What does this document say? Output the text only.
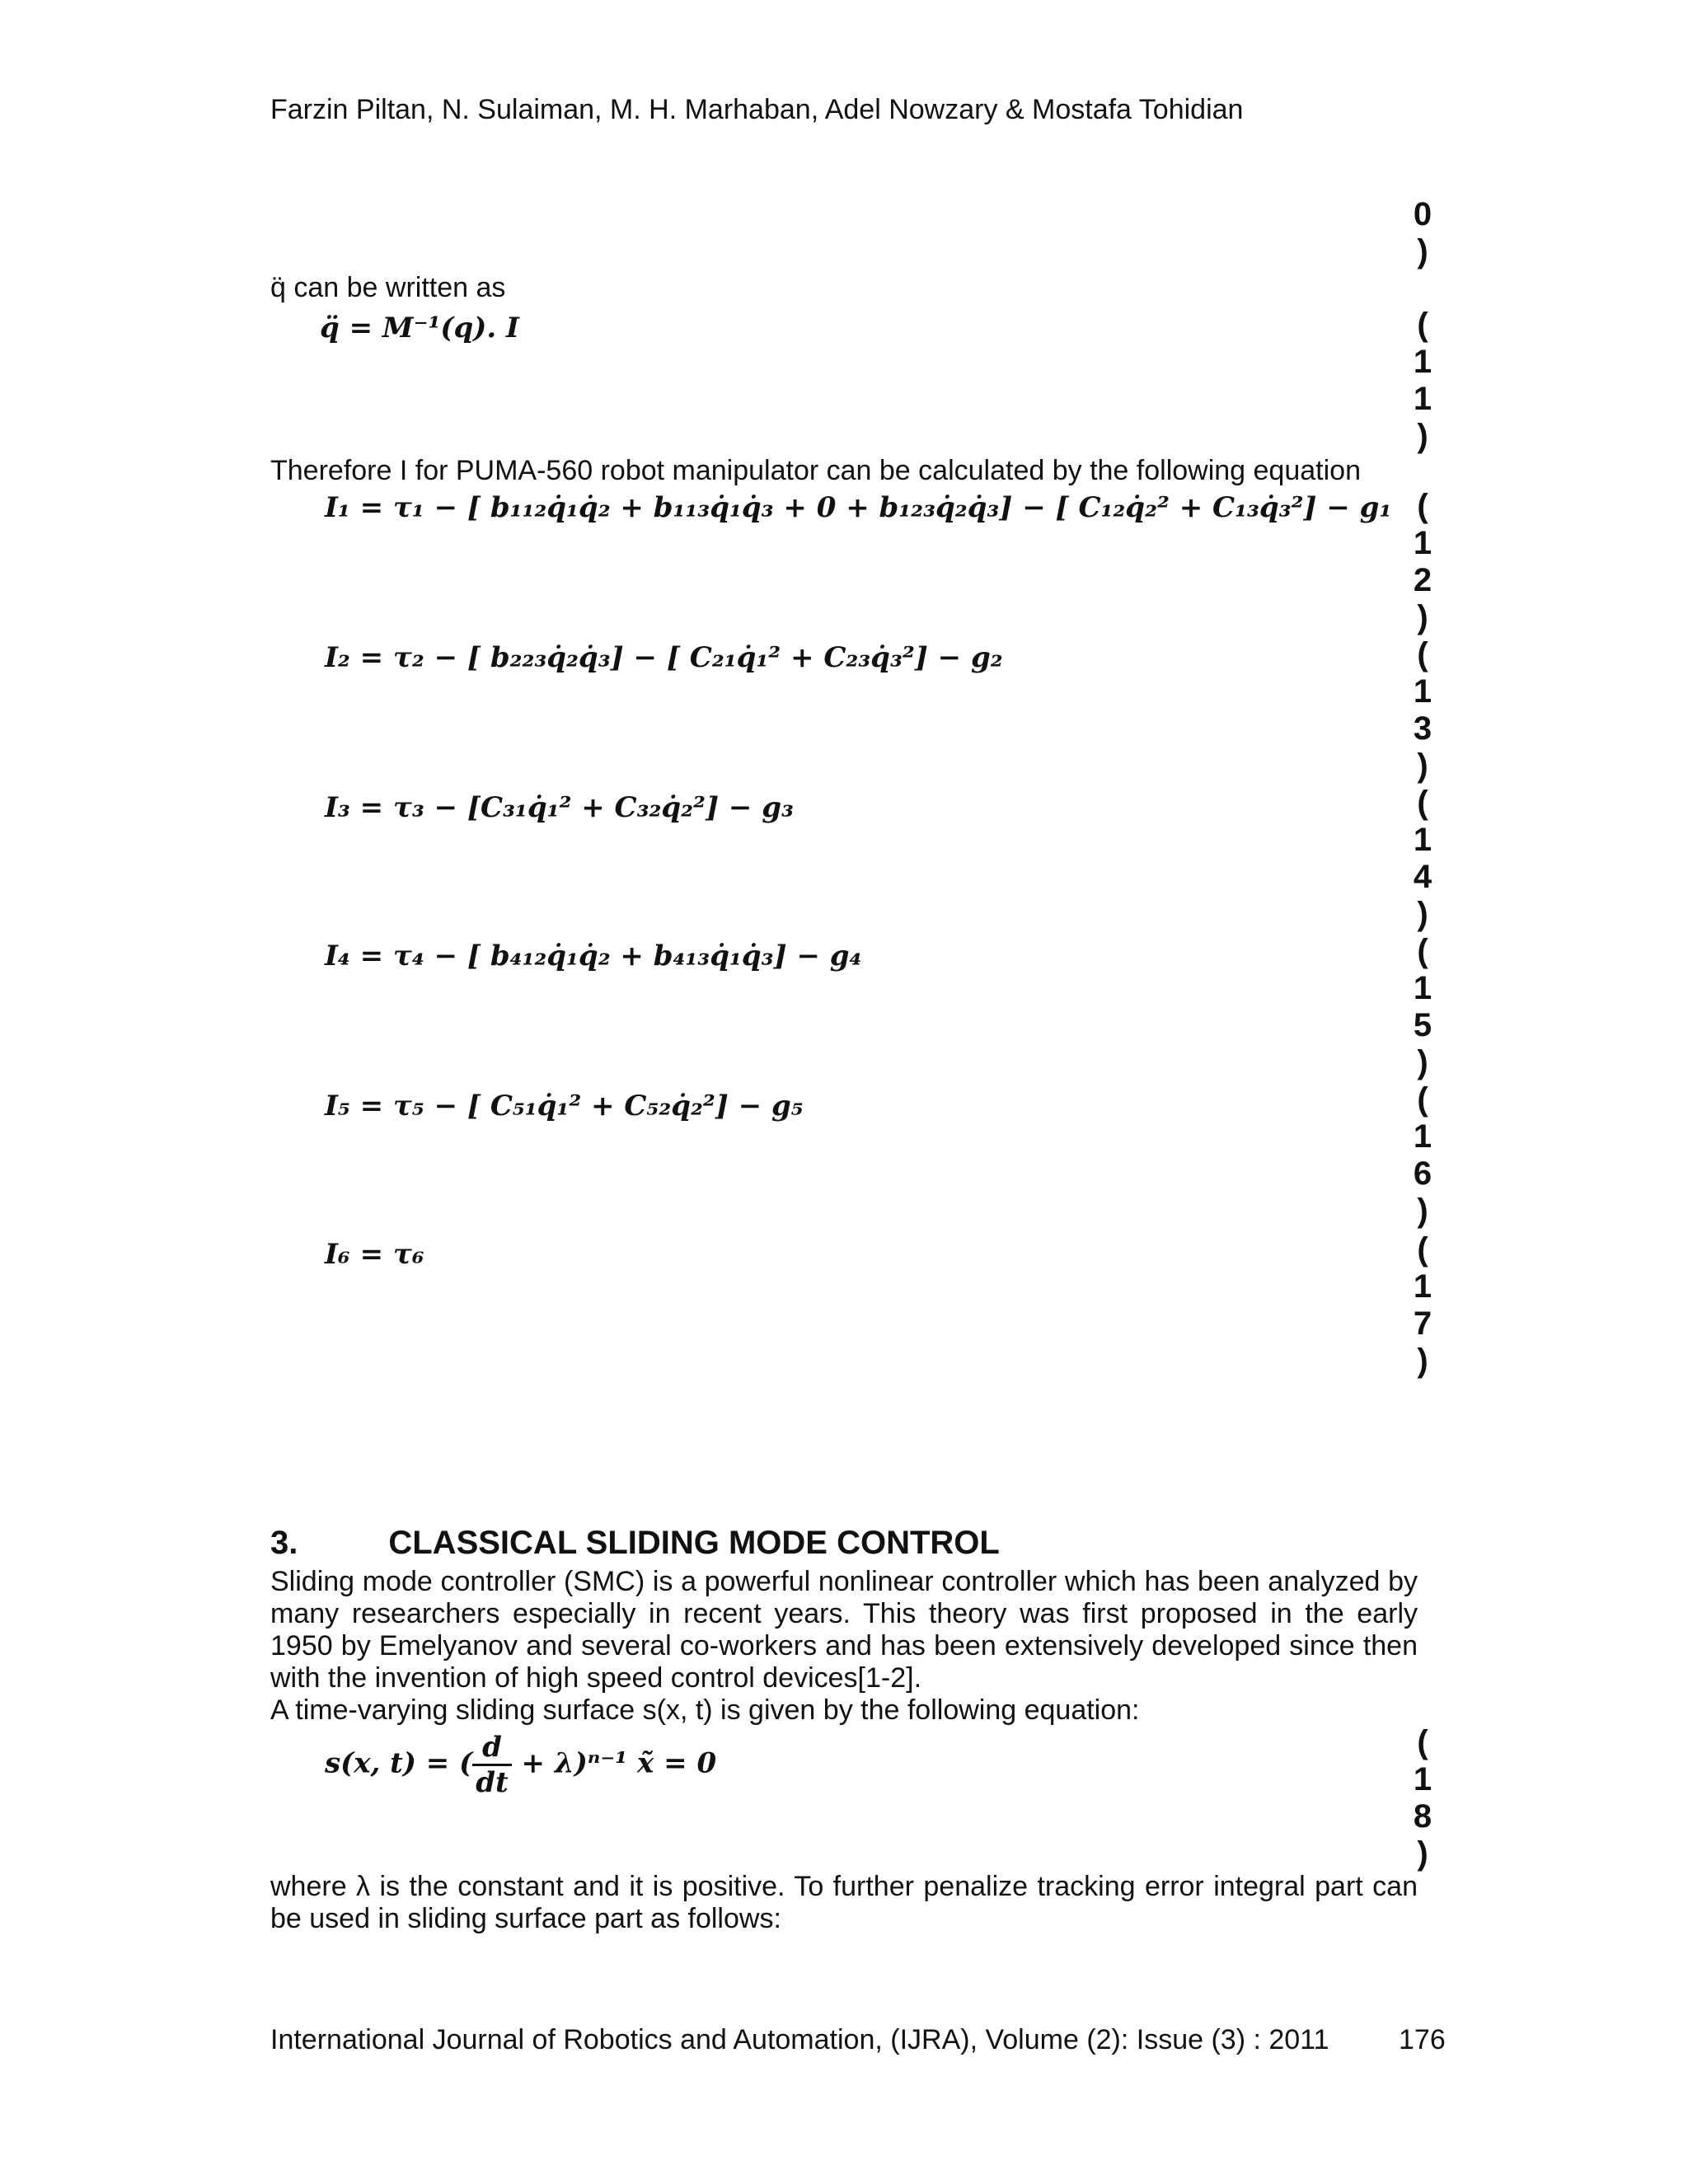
Farzin Piltan, N. Sulaiman, M. H. Marhaban, Adel Nowzary & Mostafa Tohidian
0
)
q̈ can be written as
q̈ = M⁻¹(q). I	(
1
1
)
Therefore I for PUMA-560 robot manipulator can be calculated by the following equation
I₁ = τ₁ − [ b₁₁₂q̇₁q̇₂ + b₁₁₃q̇₁q̇₃ + 0 + b₁₂₃q̇₂q̇₃] − [ C₁₂q̇₂² + C₁₃q̇₃²] − g₁ (
1
2
)
I₂ = τ₂ − [ b₂₂₃q̇₂q̇₃] − [ C₂₁q̇₁² + C₂₃q̇₃²] − g₂	(
1
3
)
I₃ = τ₃ − [C₃₁q̇₁² + C₃₂q̇₂²] − g₃	(
1
4
)
I₄ = τ₄ − [ b₄₁₂q̇₁q̇₂ + b₄₁₃q̇₁q̇₃] − g₄	(
1
5
)
I₅ = τ₅ − [ C₅₁q̇₁² + C₅₂q̇₂²] − g₅	(
1
6
)
I₆ = τ₆	(
1
7
)
3.	CLASSICAL SLIDING MODE CONTROL
Sliding mode controller (SMC) is a powerful nonlinear controller which has been analyzed by many researchers especially in recent years. This theory was first proposed in the early 1950 by Emelyanov and several co-workers and has been extensively developed since then with the invention of high speed control devices[1-2].
A time-varying sliding surface s(x, t) is given by the following equation:
s(x, t) = ( $\frac{d}{dt} + \lambda)^{n-1}$ x̃ = 0
(
1
8
)
where λ is the constant and it is positive. To further penalize tracking error integral part can be used in sliding surface part as follows:
International Journal of Robotics and Automation, (IJRA), Volume (2): Issue (3) : 2011 176
